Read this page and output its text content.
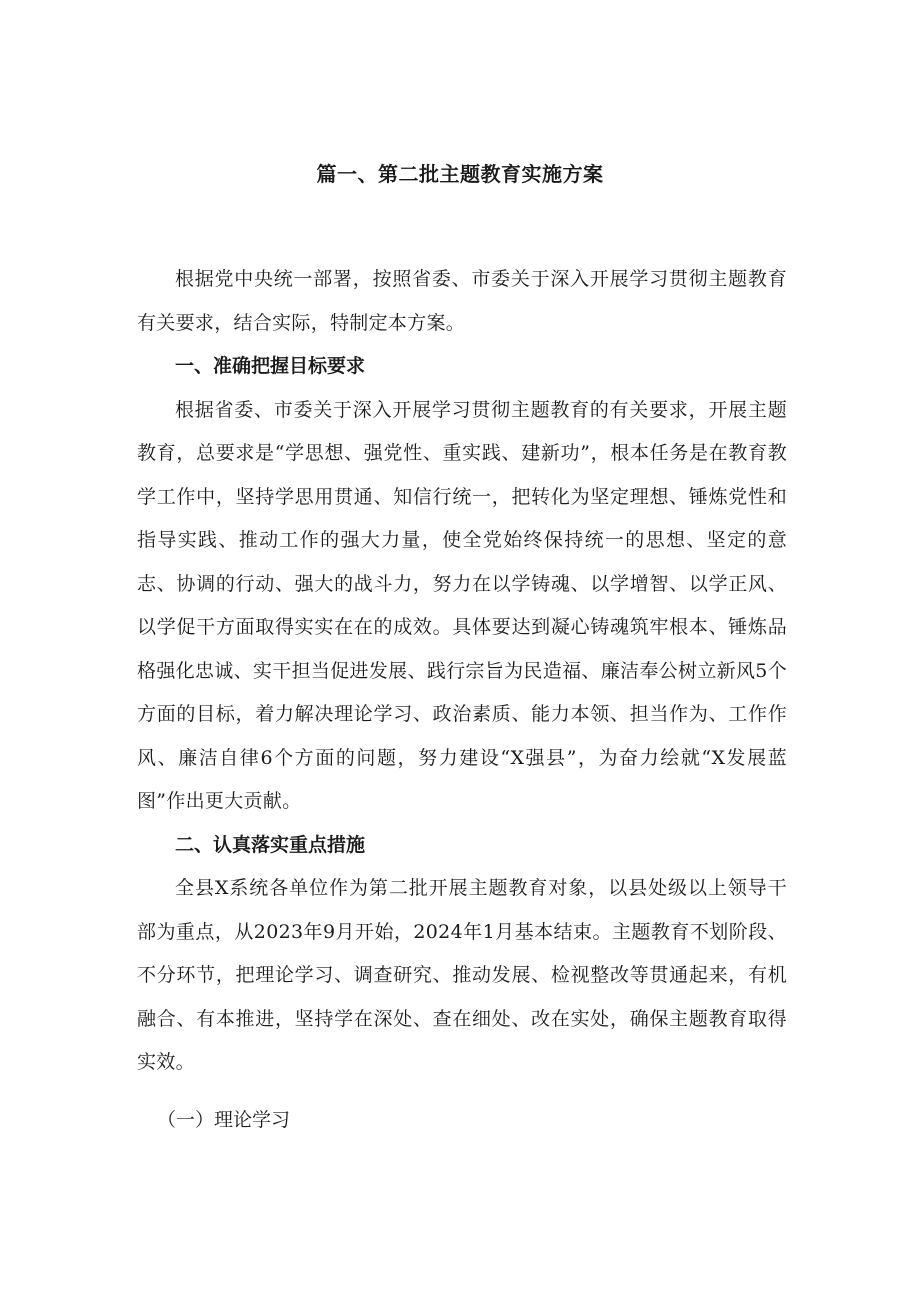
篇一、第二批主题教育实施方案

根据党中央统一部署，按照省委、市委关于深入开展学习贯彻主题教育有关要求，结合实际，特制定本方案。

一、准确把握目标要求

根据省委、市委关于深入开展学习贯彻主题教育的有关要求，开展主题教育，总要求是“学思想、强党性、重实践、建新功”，根本任务是在教育教学工作中，坚持学思用贯通、知信行统一，把转化为坚定理想、锤炼党性和指导实践、推动工作的强大力量，使全党始终保持统一的思想、坚定的意志、协调的行动、强大的战斗力，努力在以学铸魂、以学增智、以学正风、以学促干方面取得实实在在的成效。具体要达到凝心铸魂筑牢根本、锤炼品格强化忠诚、实干担当促进发展、践行宗旨为民造福、廉洁奉公树立新风5个方面的目标，着力解决理论学习、政治素质、能力本领、担当作为、工作作风、廉洁自律6个方面的问题，努力建设“X强县”，为奋力绘就“X发展蓝图”作出更大贡献。

二、认真落实重点措施

全县X系统各单位作为第二批开展主题教育对象，以县处级以上领导干部为重点，从2023年9月开始，2024年1月基本结束。主题教育不划阶段、不分环节，把理论学习、调查研究、推动发展、检视整改等贯通起来，有机融合、有本推进，坚持学在深处、查在细处、改在实处，确保主题教育取得实效。

（一）理论学习
